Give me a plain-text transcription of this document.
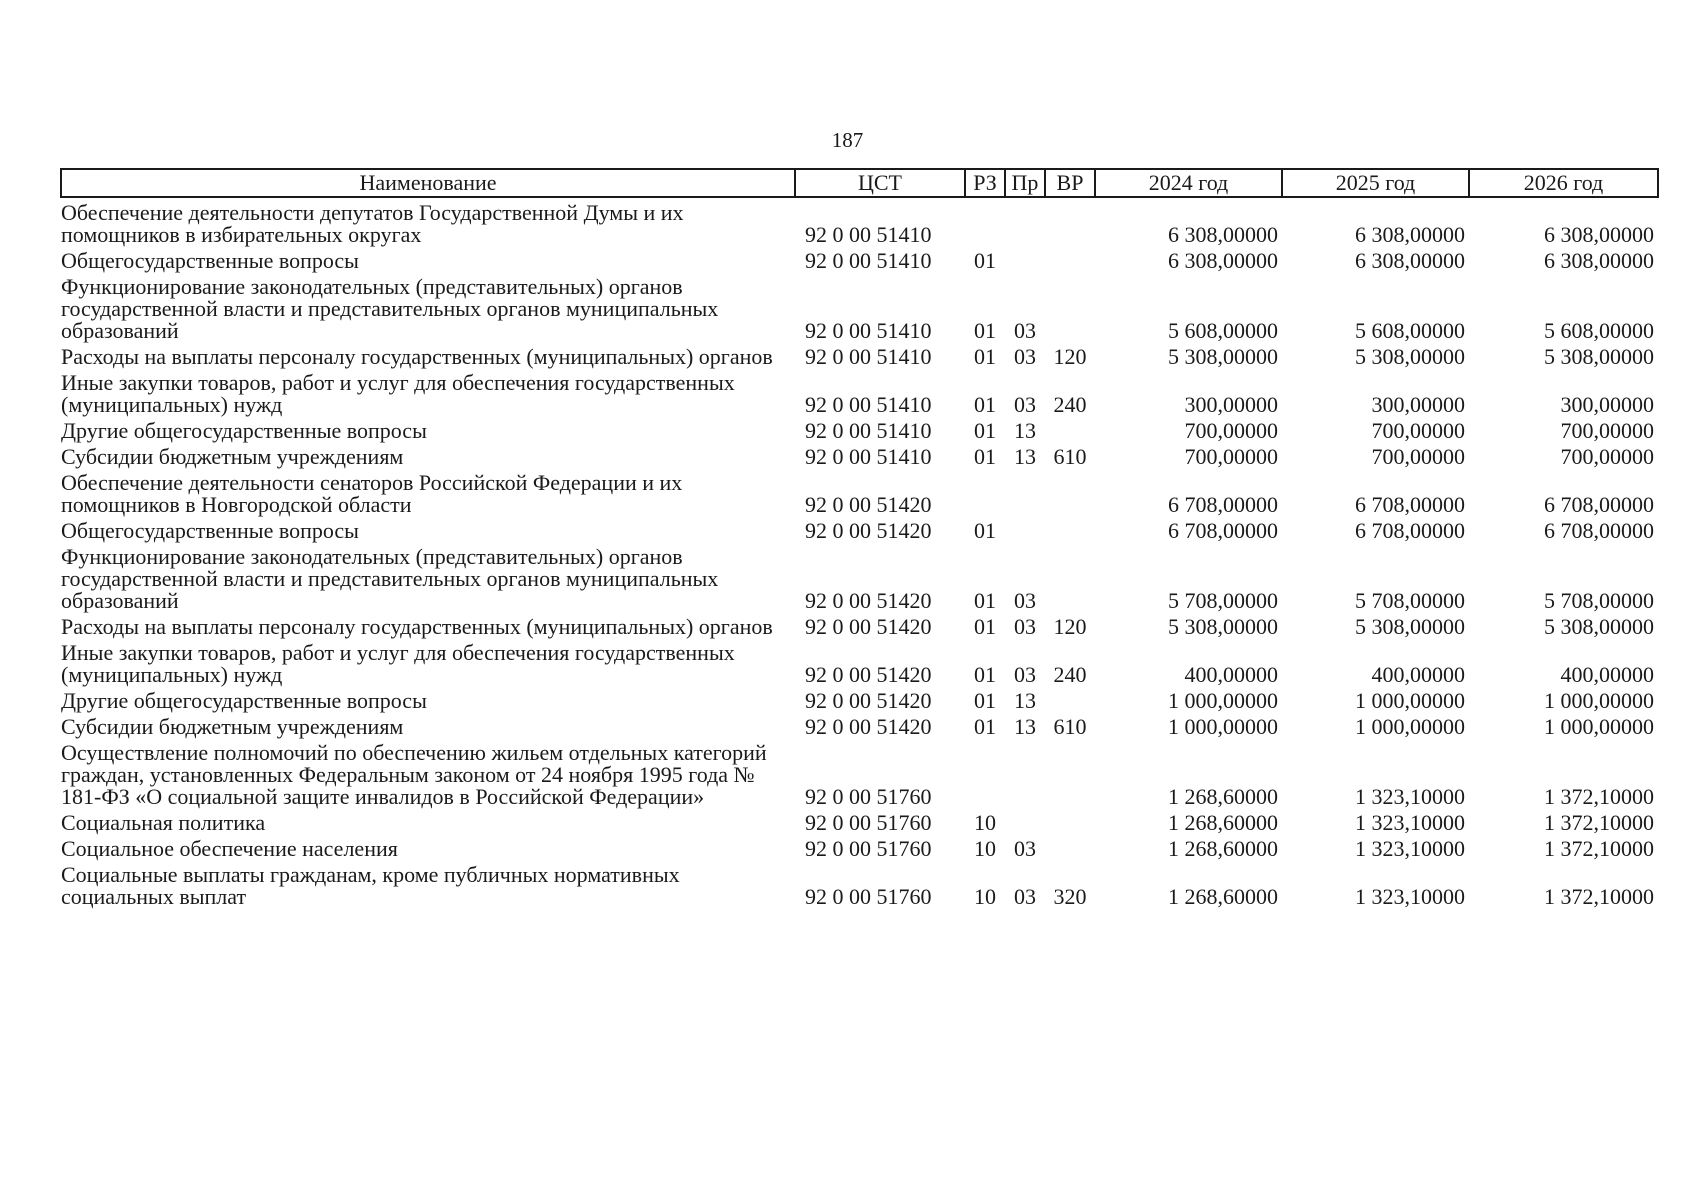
187
Наименование	ЦСТ	РЗ	Пр	ВР	2024 год	2025 год	2026 год
Обеспечение деятельности депутатов Государственной Думы и их помощников в избирательных округах	92 0 00 51410				6 308,00000	6 308,00000	6 308,00000
Общегосударственные вопросы	92 0 00 51410	01			6 308,00000	6 308,00000	6 308,00000
Функционирование законодательных (представительных) органов государственной власти и представительных органов муниципальных образований	92 0 00 51410	01	03		5 608,00000	5 608,00000	5 608,00000
Расходы на выплаты персоналу государственных (муниципальных) органов	92 0 00 51410	01	03	120	5 308,00000	5 308,00000	5 308,00000
Иные закупки товаров, работ и услуг для обеспечения государственных (муниципальных) нужд	92 0 00 51410	01	03	240	300,00000	300,00000	300,00000
Другие общегосударственные вопросы	92 0 00 51410	01	13		700,00000	700,00000	700,00000
Субсидии бюджетным учреждениям	92 0 00 51410	01	13	610	700,00000	700,00000	700,00000
Обеспечение деятельности сенаторов Российской Федерации и их помощников в Новгородской области	92 0 00 51420				6 708,00000	6 708,00000	6 708,00000
Общегосударственные вопросы	92 0 00 51420	01			6 708,00000	6 708,00000	6 708,00000
Функционирование законодательных (представительных) органов государственной власти и представительных органов муниципальных образований	92 0 00 51420	01	03		5 708,00000	5 708,00000	5 708,00000
Расходы на выплаты персоналу государственных (муниципальных) органов	92 0 00 51420	01	03	120	5 308,00000	5 308,00000	5 308,00000
Иные закупки товаров, работ и услуг для обеспечения государственных (муниципальных) нужд	92 0 00 51420	01	03	240	400,00000	400,00000	400,00000
Другие общегосударственные вопросы	92 0 00 51420	01	13		1 000,00000	1 000,00000	1 000,00000
Субсидии бюджетным учреждениям	92 0 00 51420	01	13	610	1 000,00000	1 000,00000	1 000,00000
Осуществление полномочий по обеспечению жильем отдельных категорий граждан, установленных Федеральным законом от 24 ноября 1995 года № 181-ФЗ «О социальной защите инвалидов в Российской Федерации»	92 0 00 51760				1 268,60000	1 323,10000	1 372,10000
Социальная политика	92 0 00 51760	10			1 268,60000	1 323,10000	1 372,10000
Социальное обеспечение населения	92 0 00 51760	10	03		1 268,60000	1 323,10000	1 372,10000
Социальные выплаты гражданам, кроме публичных нормативных социальных выплат	92 0 00 51760	10	03	320	1 268,60000	1 323,10000	1 372,10000
